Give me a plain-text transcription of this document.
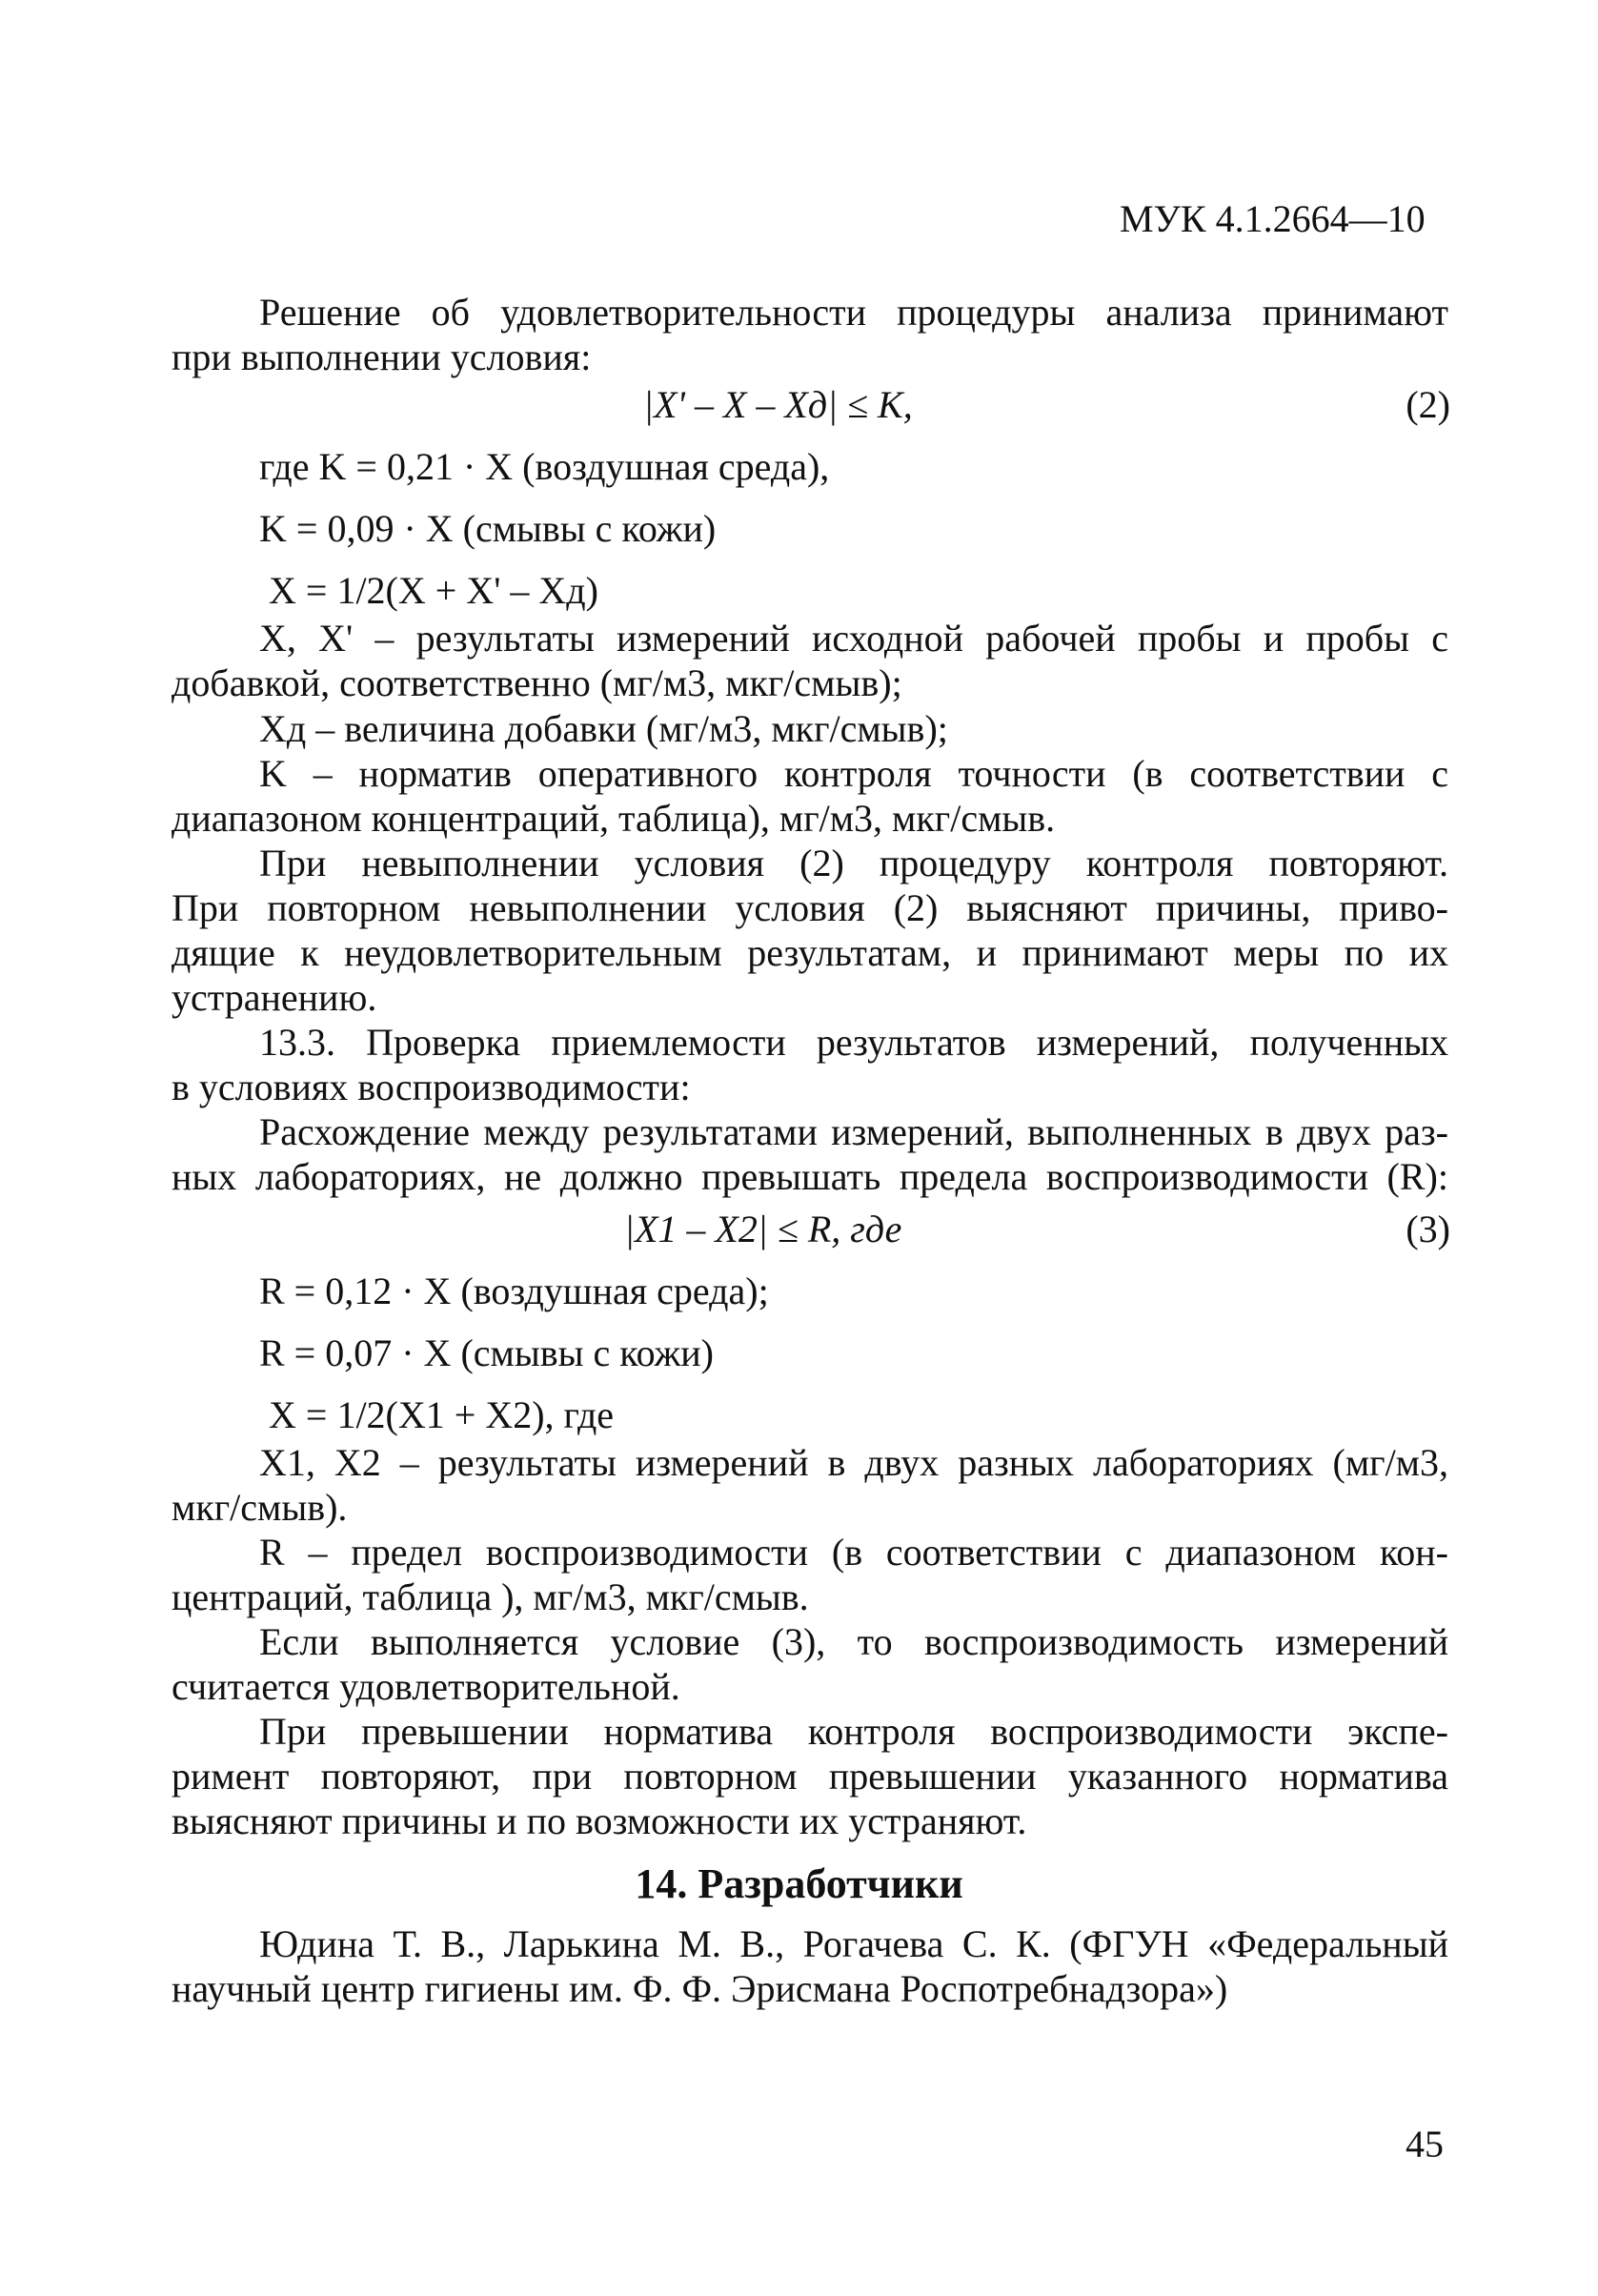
МУК 4.1.2664—10
Решение об удовлетворительности процедуры анализа принимают
при выполнении условия:
|X' – X – Xд| ≤ K,	(2)
где K = 0,21 · X (воздушная среда),
K = 0,09 · X (смывы с кожи)
X = 1/2(X + X' – Xд)
X, X' – результаты измерений исходной рабочей пробы и пробы с
добавкой, соответственно (мг/м3, мкг/смыв);
Xд – величина добавки (мг/м3, мкг/смыв);
K – норматив оперативного контроля точности (в соответствии с
диапазоном концентраций, таблица), мг/м3, мкг/смыв.
При невыполнении условия (2) процедуру контроля повторяют.
При повторном невыполнении условия (2) выясняют причины, приво-
дящие к неудовлетворительным результатам, и принимают меры по их
устранению.
13.3. Проверка приемлемости результатов измерений, полученных
в условиях воспроизводимости:
Расхождение между результатами измерений, выполненных в двух раз-
ных лабораториях, не должно превышать предела воспроизводимости (R):
|X1 – X2| ≤ R, где	(3)
R = 0,12 · X (воздушная среда);
R = 0,07 · X (смывы с кожи)
X = 1/2(X1 + X2), где
X1, X2 – результаты измерений в двух разных лабораториях (мг/м3,
мкг/смыв).
R – предел воспроизводимости (в соответствии с диапазоном кон-
центраций, таблица ), мг/м3, мкг/смыв.
Если выполняется условие (3), то воспроизводимость измерений
считается удовлетворительной.
При превышении норматива контроля воспроизводимости экспе-
римент повторяют, при повторном превышении указанного норматива
выясняют причины и по возможности их устраняют.
14. Разработчики
Юдина Т. В., Ларькина М. В., Рогачева С. К. (ФГУН «Федеральный
научный центр гигиены им. Ф. Ф. Эрисмана Роспотребнадзора»)
45
